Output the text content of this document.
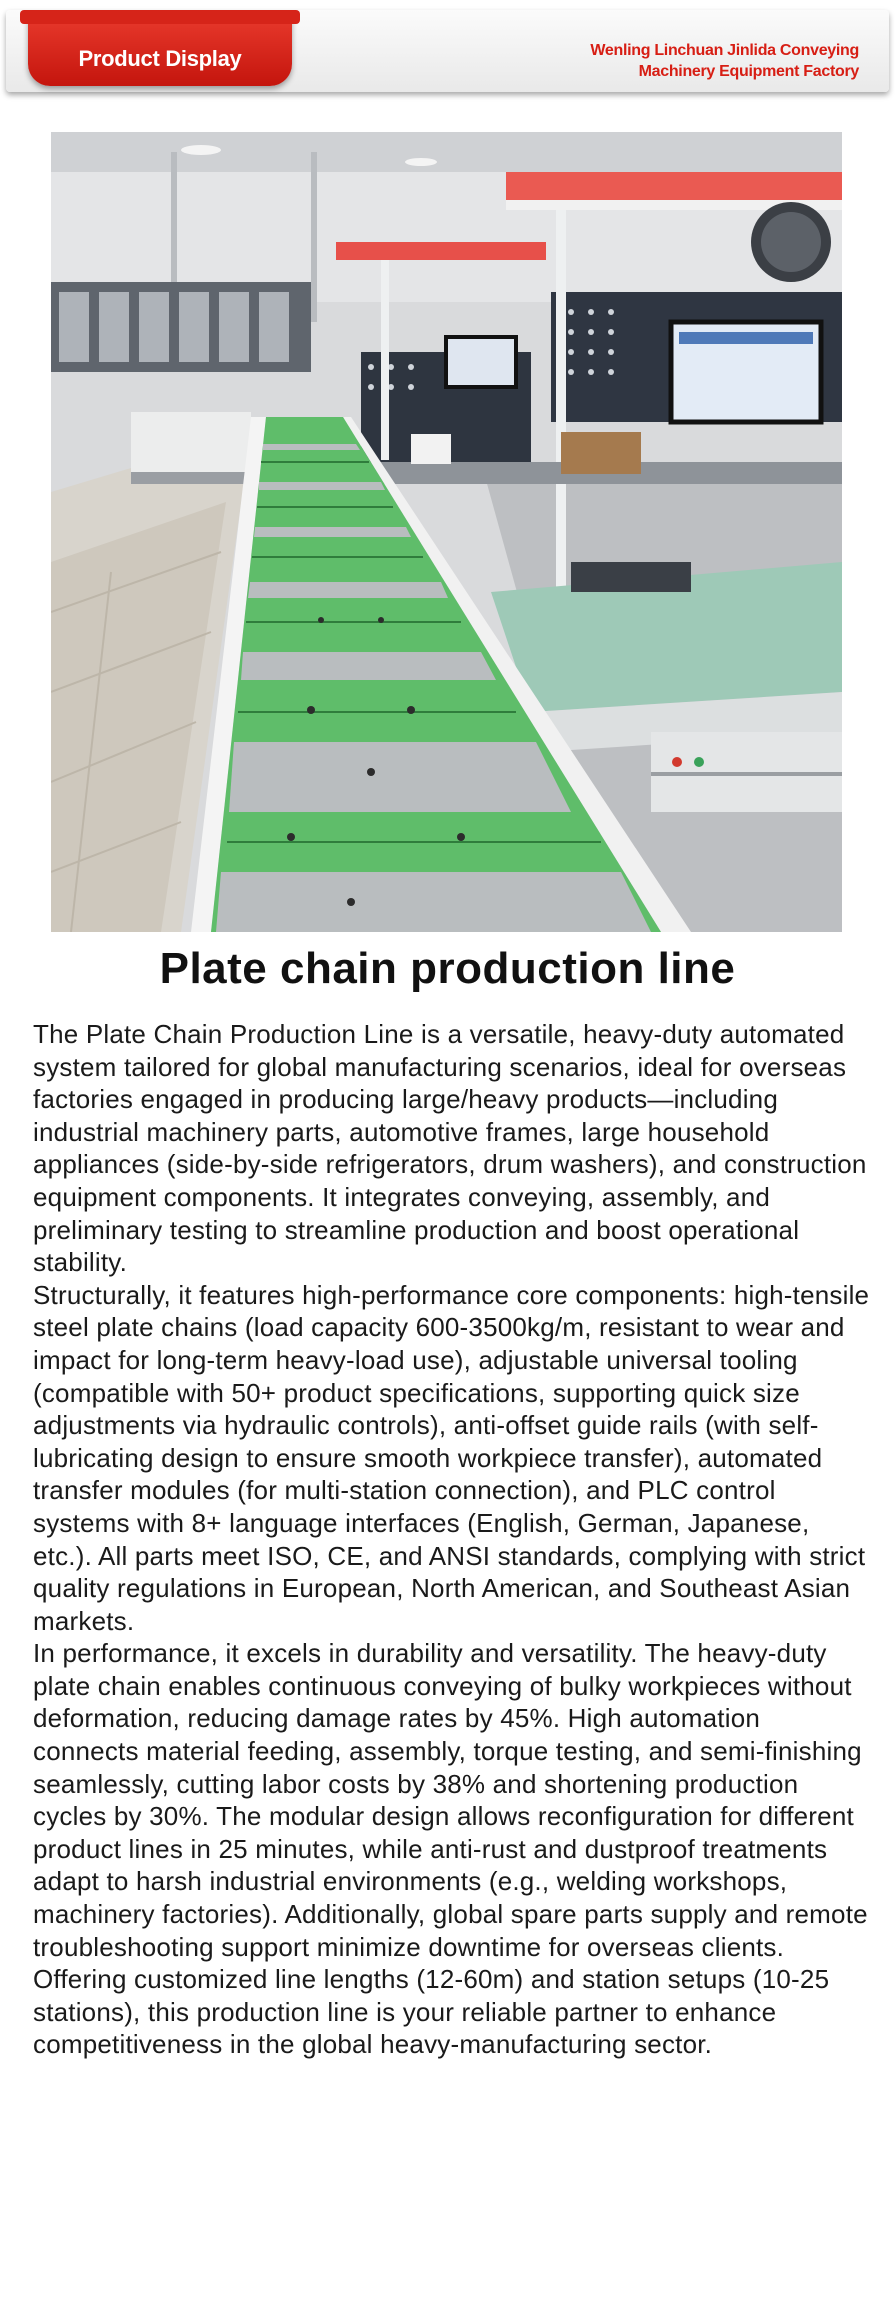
Product Display	Wenling Linchuan Jinlida Conveying
Machinery Equipment Factory
Plate chain production line

The Plate Chain Production Line is a versatile, heavy-duty automated system tailored for global manufacturing scenarios, ideal for overseas factories engaged in producing large/heavy products—including industrial machinery parts, automotive frames, large household appliances (side-by-side refrigerators, drum washers), and construction equipment components. It integrates conveying, assembly, and preliminary testing to streamline production and boost operational stability.

Structurally, it features high-performance core components: high-tensile steel plate chains (load capacity 600-3500kg/m, resistant to wear and impact for long-term heavy-load use), adjustable universal tooling (compatible with 50+ product specifications, supporting quick size adjustments via hydraulic controls), anti-offset guide rails (with self-lubricating design to ensure smooth workpiece transfer), automated transfer modules (for multi-station connection), and PLC control systems with 8+ language interfaces (English, German, Japanese, etc.). All parts meet ISO, CE, and ANSI standards, complying with strict quality regulations in European, North American, and Southeast Asian markets.

In performance, it excels in durability and versatility. The heavy-duty plate chain enables continuous conveying of bulky workpieces without deformation, reducing damage rates by 45%. High automation connects material feeding, assembly, torque testing, and semi-finishing seamlessly, cutting labor costs by 38% and shortening production cycles by 30%. The modular design allows reconfiguration for different product lines in 25 minutes, while anti-rust and dustproof treatments adapt to harsh industrial environments (e.g., welding workshops, machinery factories). Additionally, global spare parts supply and remote troubleshooting support minimize downtime for overseas clients.

Offering customized line lengths (12-60m) and station setups (10-25 stations), this production line is your reliable partner to enhance competitiveness in the global heavy-manufacturing sector.
